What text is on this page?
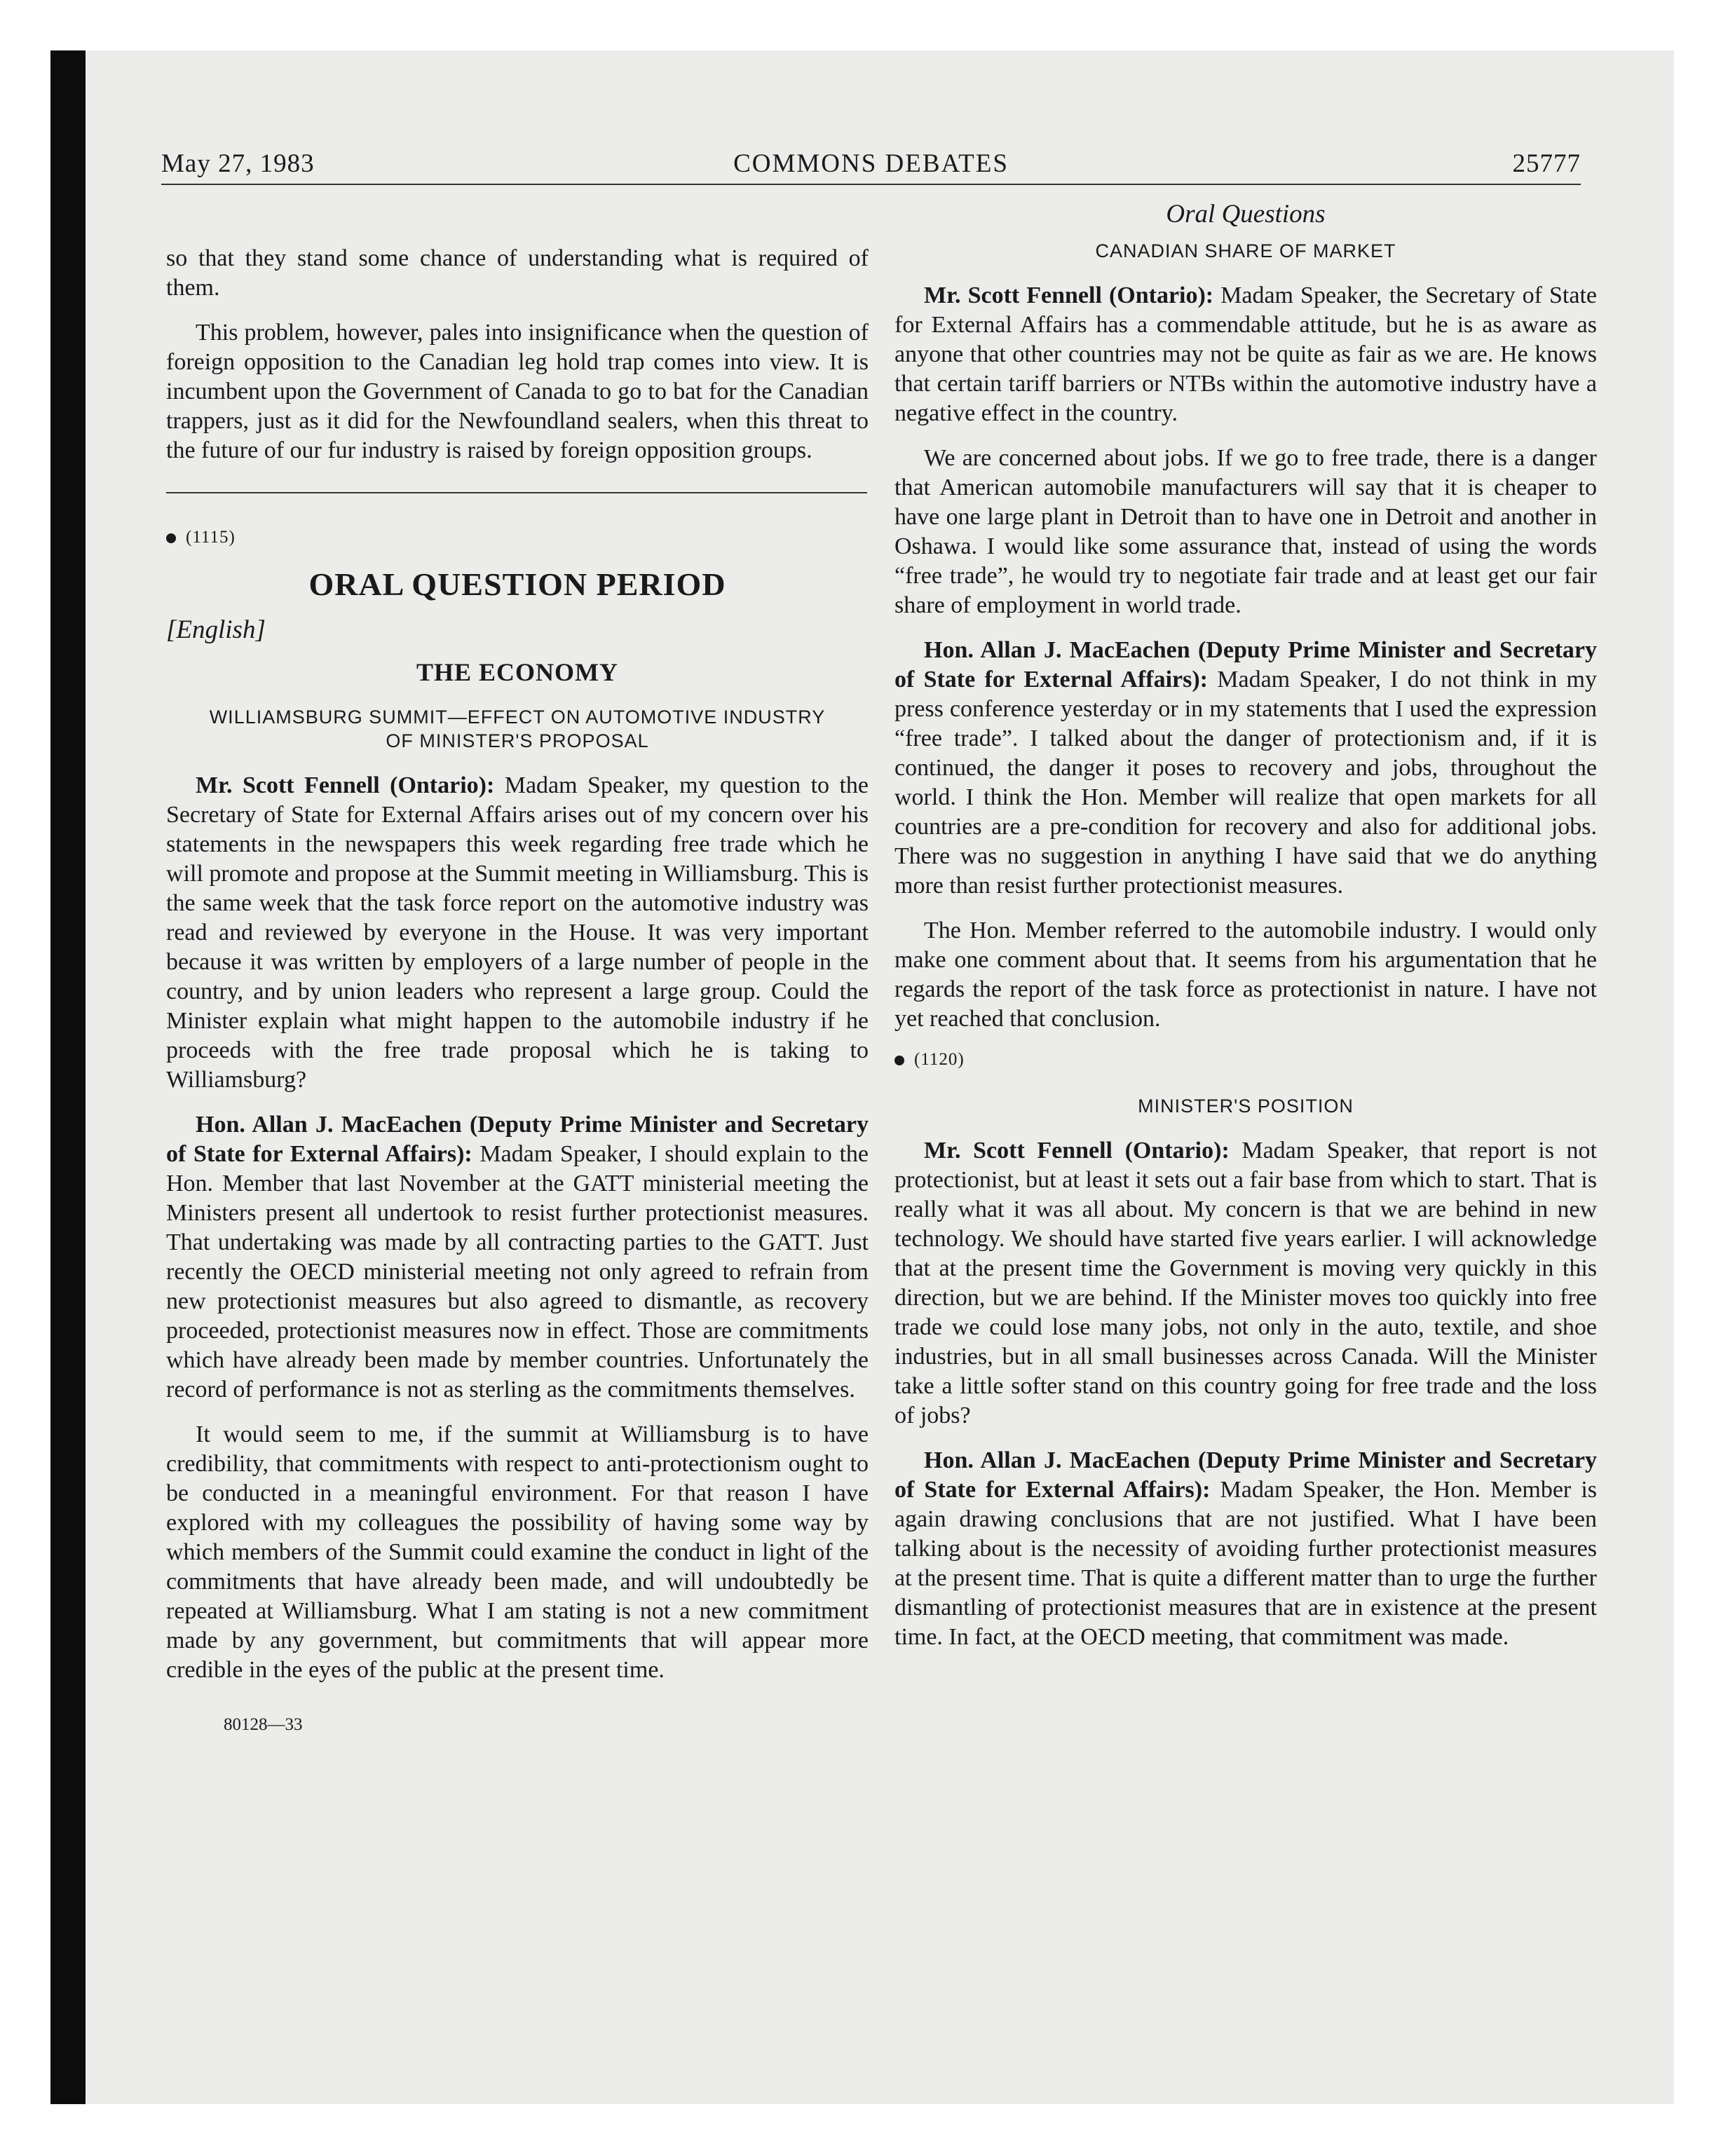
May 27, 1983	COMMONS DEBATES	25777

so that they stand some chance of understanding what is required of them.

This problem, however, pales into insignificance when the question of foreign opposition to the Canadian leg hold trap comes into view. It is incumbent upon the Government of Canada to go to bat for the Canadian trappers, just as it did for the Newfoundland sealers, when this threat to the future of our fur industry is raised by foreign opposition groups.

(1115)
ORAL QUESTION PERIOD
[English]
THE ECONOMY
WILLIAMSBURG SUMMIT—EFFECT ON AUTOMOTIVE INDUSTRY
OF MINISTER'S PROPOSAL

Mr. Scott Fennell (Ontario): Madam Speaker, my question to the Secretary of State for External Affairs arises out of my concern over his statements in the newspapers this week regarding free trade which he will promote and propose at the Summit meeting in Williamsburg. This is the same week that the task force report on the automotive industry was read and reviewed by everyone in the House. It was very important because it was written by employers of a large number of people in the country, and by union leaders who represent a large group. Could the Minister explain what might happen to the automobile industry if he proceeds with the free trade proposal which he is taking to Williamsburg?

Hon. Allan J. MacEachen (Deputy Prime Minister and Secretary of State for External Affairs): Madam Speaker, I should explain to the Hon. Member that last November at the GATT ministerial meeting the Ministers present all undertook to resist further protectionist measures. That undertaking was made by all contracting parties to the GATT. Just recently the OECD ministerial meeting not only agreed to refrain from new protectionist measures but also agreed to dismantle, as recovery proceeded, protectionist measures now in effect. Those are commitments which have already been made by member countries. Unfortunately the record of performance is not as sterling as the commitments themselves.

It would seem to me, if the summit at Williamsburg is to have credibility, that commitments with respect to anti-protectionism ought to be conducted in a meaningful environment. For that reason I have explored with my colleagues the possibility of having some way by which members of the Summit could examine the conduct in light of the commitments that have already been made, and will undoubtedly be repeated at Williamsburg. What I am stating is not a new commitment made by any government, but commitments that will appear more credible in the eyes of the public at the present time.

80128—33
Oral Questions
CANADIAN SHARE OF MARKET

Mr. Scott Fennell (Ontario): Madam Speaker, the Secretary of State for External Affairs has a commendable attitude, but he is as aware as anyone that other countries may not be quite as fair as we are. He knows that certain tariff barriers or NTBs within the automotive industry have a negative effect in the country.

We are concerned about jobs. If we go to free trade, there is a danger that American automobile manufacturers will say that it is cheaper to have one large plant in Detroit than to have one in Detroit and another in Oshawa. I would like some assurance that, instead of using the words “free trade”, he would try to negotiate fair trade and at least get our fair share of employment in world trade.

Hon. Allan J. MacEachen (Deputy Prime Minister and Secretary of State for External Affairs): Madam Speaker, I do not think in my press conference yesterday or in my statements that I used the expression “free trade”. I talked about the danger of protectionism and, if it is continued, the danger it poses to recovery and jobs, throughout the world. I think the Hon. Member will realize that open markets for all countries are a pre-condition for recovery and also for additional jobs. There was no suggestion in anything I have said that we do anything more than resist further protectionist measures.

The Hon. Member referred to the automobile industry. I would only make one comment about that. It seems from his argumentation that he regards the report of the task force as protectionist in nature. I have not yet reached that conclusion.

(1120)
MINISTER'S POSITION

Mr. Scott Fennell (Ontario): Madam Speaker, that report is not protectionist, but at least it sets out a fair base from which to start. That is really what it was all about. My concern is that we are behind in new technology. We should have started five years earlier. I will acknowledge that at the present time the Government is moving very quickly in this direction, but we are behind. If the Minister moves too quickly into free trade we could lose many jobs, not only in the auto, textile, and shoe industries, but in all small businesses across Canada. Will the Minister take a little softer stand on this country going for free trade and the loss of jobs?

Hon. Allan J. MacEachen (Deputy Prime Minister and Secretary of State for External Affairs): Madam Speaker, the Hon. Member is again drawing conclusions that are not justified. What I have been talking about is the necessity of avoiding further protectionist measures at the present time. That is quite a different matter than to urge the further dismantling of protectionist measures that are in existence at the present time. In fact, at the OECD meeting, that commitment was made.
